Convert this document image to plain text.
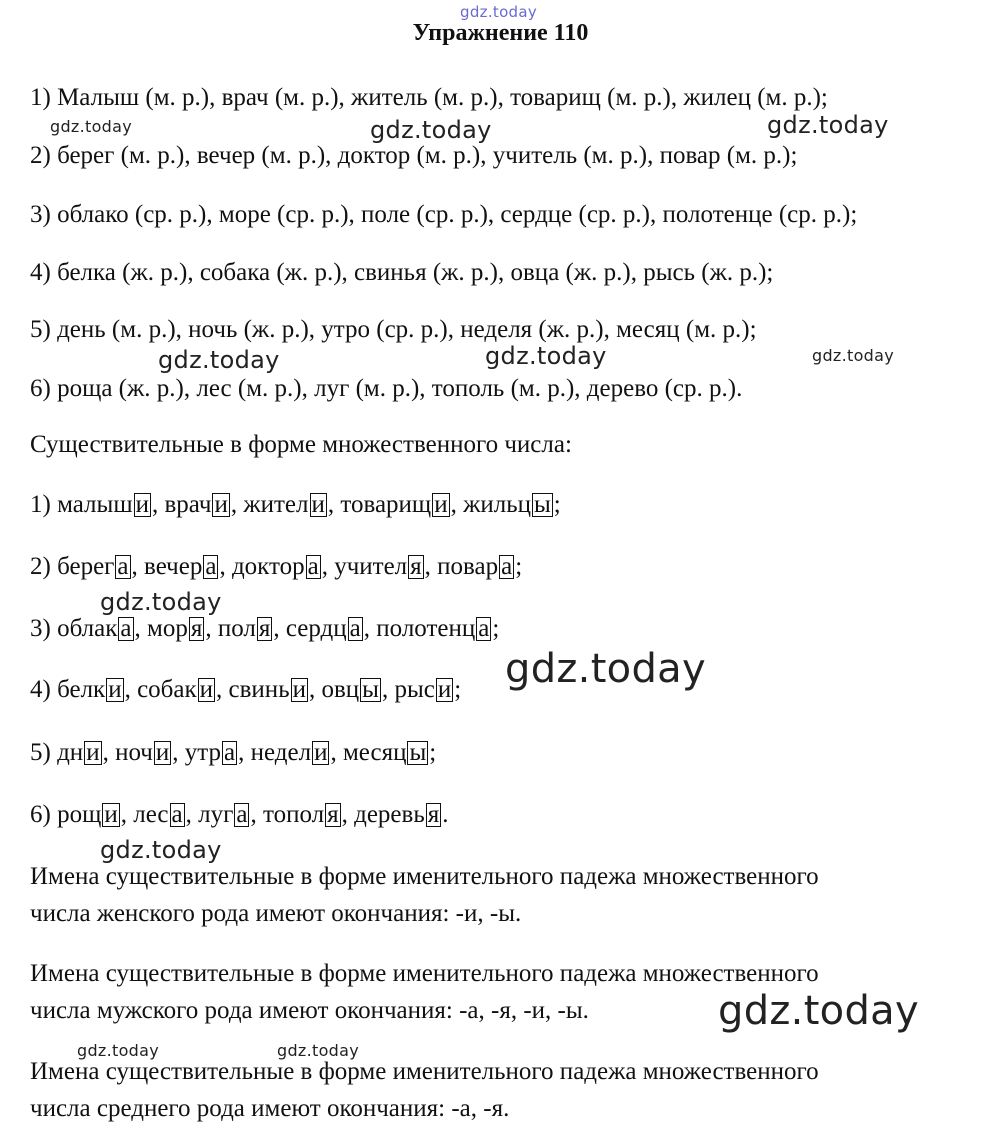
gdz.today
Упражнение 110
1) Малыш (м. р.), врач (м. р.), житель (м. р.), товарищ (м. р.), жилец (м. р.);
2) берег (м. р.), вечер (м. р.), доктор (м. р.), учитель (м. р.), повар (м. р.);
3) облако (ср. р.), море (ср. р.), поле (ср. р.), сердце (ср. р.), полотенце (ср. р.);
4) белка (ж. р.), собака (ж. р.), свинья (ж. р.), овца (ж. р.), рысь (ж. р.);
5) день (м. р.), ночь (ж. р.), утро (ср. р.), неделя (ж. р.), месяц (м. р.);
6) роща (ж. р.), лес (м. р.), луг (м. р.), тополь (м. р.), дерево (ср. р.).
Существительные в форме множественного числа:
1) малыш и , врач и , жител и , товарищ и , жильц ы ;
2) берег а , вечер а , доктор а , учител я , повар а ;
3) облак а , мор я , пол я , сердц а , полотенц а ;
4) белк и , собак и , свинь и , овц ы , рыс и ;
5) дн и , ноч и , утр а , недел и , месяц ы ;
6) рощ и , лес а , луг а , топол я , деревь я .
Имена существительные в форме именительного падежа множественного
числа женского рода имеют окончания: -и, -ы.
Имена существительные в форме именительного падежа множественного
числа мужского рода имеют окончания: -а, -я, -и, -ы.
Имена существительные в форме именительного падежа множественного
числа среднего рода имеют окончания: -а, -я.
gdz.today	gdz.today	gdz.today
gdz.today	gdz.today	gdz.today
gdz.today
gdz.today
gdz.today
gdz.today
gdz.today	gdz.today
